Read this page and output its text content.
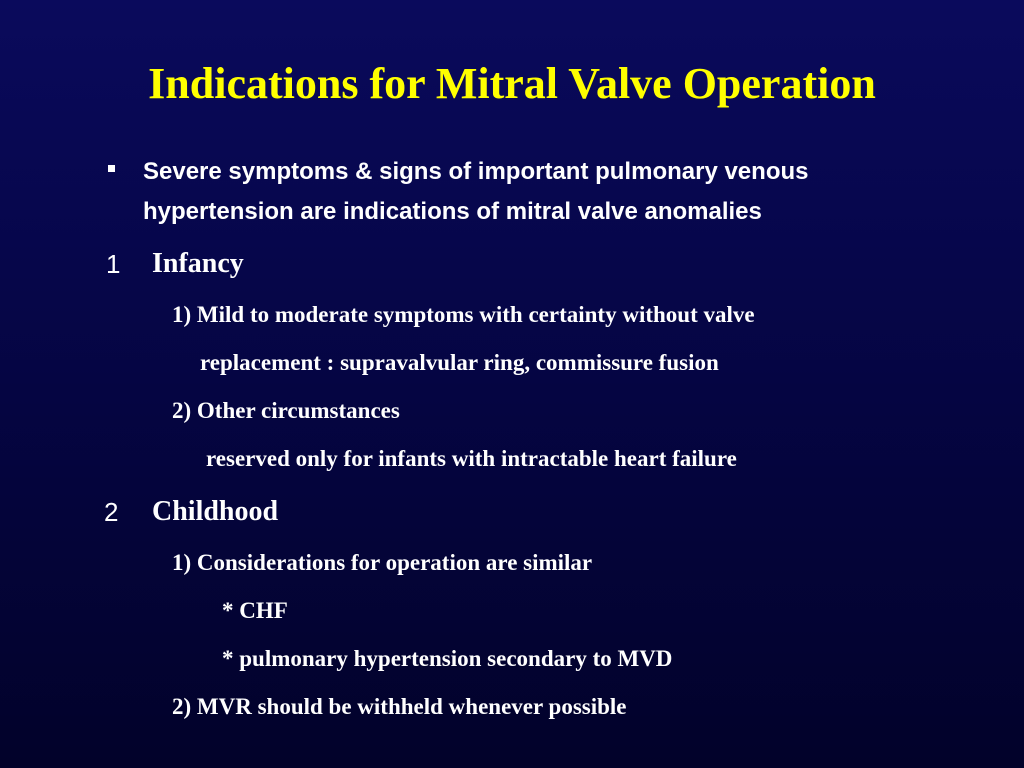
Indications for Mitral Valve Operation
Severe symptoms & signs of important pulmonary venous hypertension are indications of mitral valve anomalies
1 Infancy
1) Mild to moderate symptoms with certainty without valve
replacement : supravalvular ring, commissure fusion
2) Other circumstances
reserved only for infants with intractable heart failure
2 Childhood
1) Considerations for operation are similar
* CHF
* pulmonary hypertension secondary to MVD
2) MVR should be withheld whenever possible
